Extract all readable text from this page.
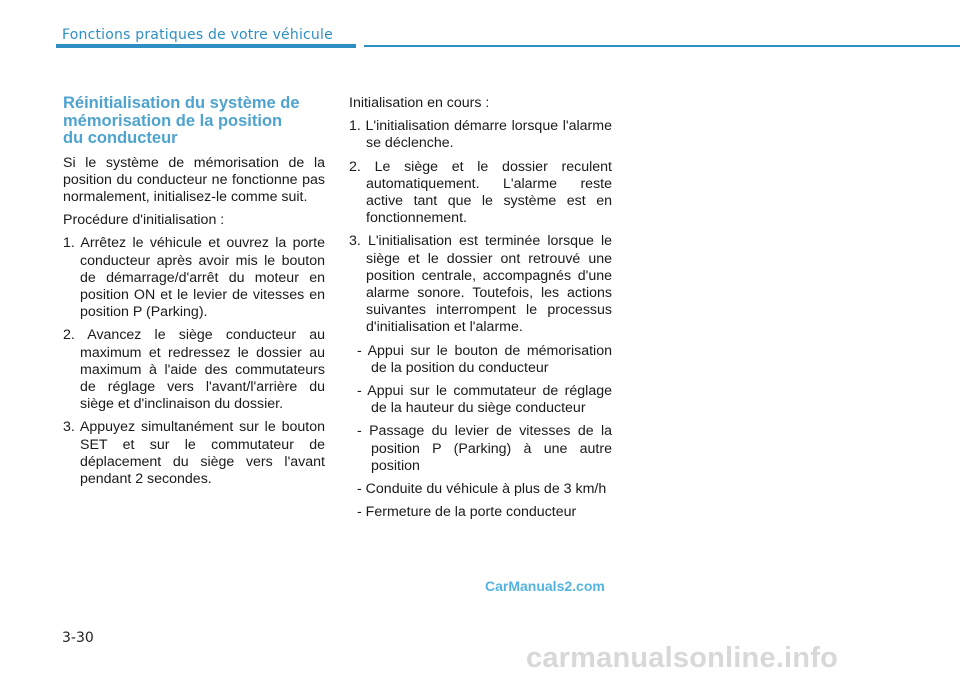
Fonctions pratiques de votre véhicule
Réinitialisation du système de
mémorisation de la position
du conducteur

Si le système de mémorisation de la position du conducteur ne fonctionne pas normalement, initialisez-le comme suit.

Procédure d'initialisation :

1. Arrêtez le véhicule et ouvrez la porte conducteur après avoir mis le bouton de démarrage/d'arrêt du moteur en position ON et le levier de vitesses en position P (Parking).
2. Avancez le siège conducteur au maximum et redressez le dossier au maximum à l'aide des commutateurs de réglage vers l'avant/l'arrière du siège et d'inclinaison du dossier.
3. Appuyez simultanément sur le bouton SET et sur le commutateur de déplacement du siège vers l'avant pendant 2 secondes.

Initialisation en cours :

1. L'initialisation démarre lorsque l'alarme se déclenche.
2. Le siège et le dossier reculent automatiquement. L'alarme reste active tant que le système est en fonctionnement.
3. L'initialisation est terminée lorsque le siège et le dossier ont retrouvé une position centrale, accompagnés d'une alarme sonore. Toutefois, les actions suivantes interrompent le processus d'initialisation et l'alarme.
- Appui sur le bouton de mémorisation de la position du conducteur
- Appui sur le commutateur de réglage de la hauteur du siège conducteur
- Passage du levier de vitesses de la position P (Parking) à une autre position
- Conduite du véhicule à plus de 3 km/h
- Fermeture de la porte conducteur
CarManuals2.com
3-30
carmanualsonline.info
